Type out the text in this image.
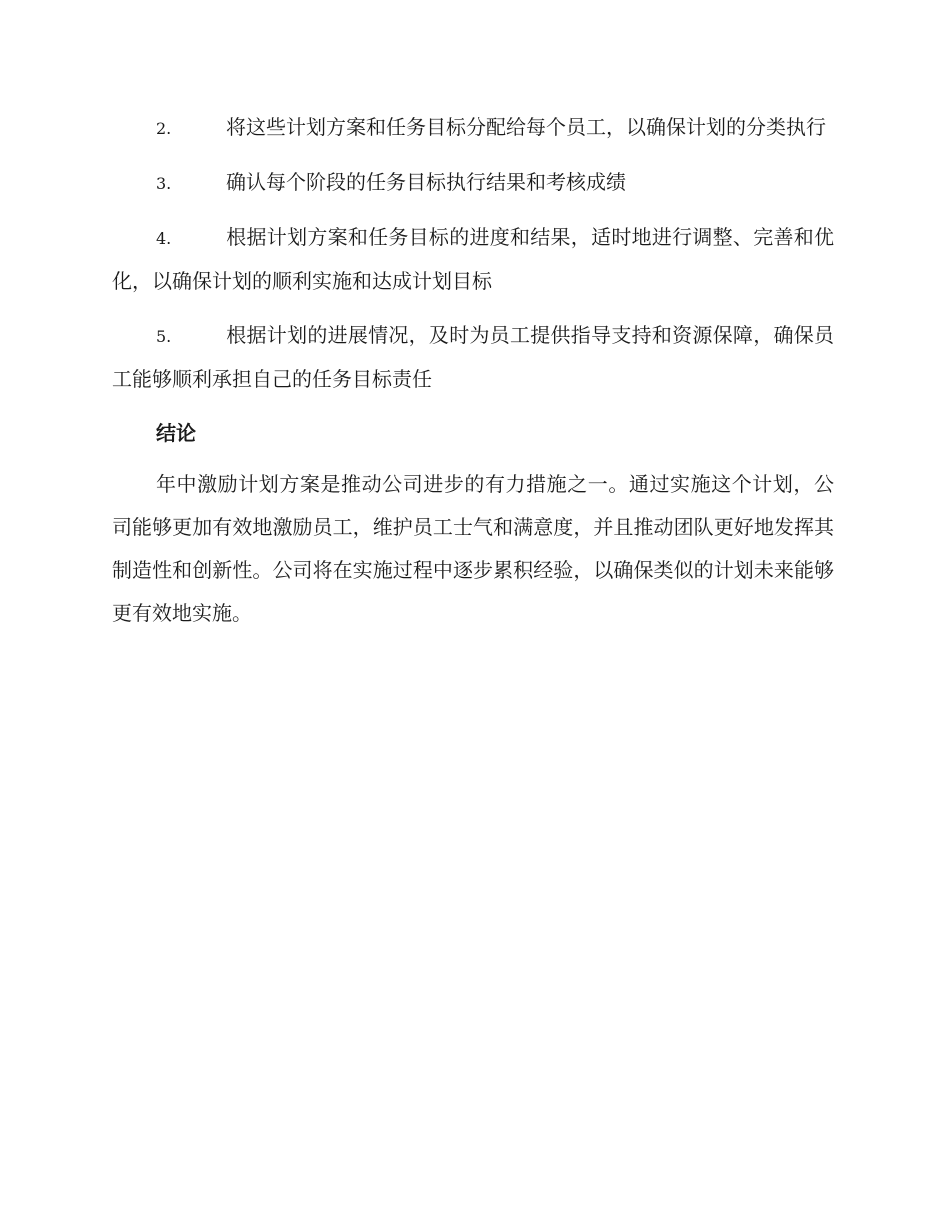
2.	将这些计划方案和任务目标分配给每个员工，以确保计划的分类执行
3.	确认每个阶段的任务目标执行结果和考核成绩
4.	根据计划方案和任务目标的进度和结果，适时地进行调整、完善和优化，以确保计划的顺利实施和达成计划目标
5.	根据计划的进展情况，及时为员工提供指导支持和资源保障，确保员工能够顺利承担自己的任务目标责任
结论

年中激励计划方案是推动公司进步的有力措施之一。通过实施这个计划，公司能够更加有效地激励员工，维护员工士气和满意度，并且推动团队更好地发挥其制造性和创新性。公司将在实施过程中逐步累积经验，以确保类似的计划未来能够更有效地实施。
